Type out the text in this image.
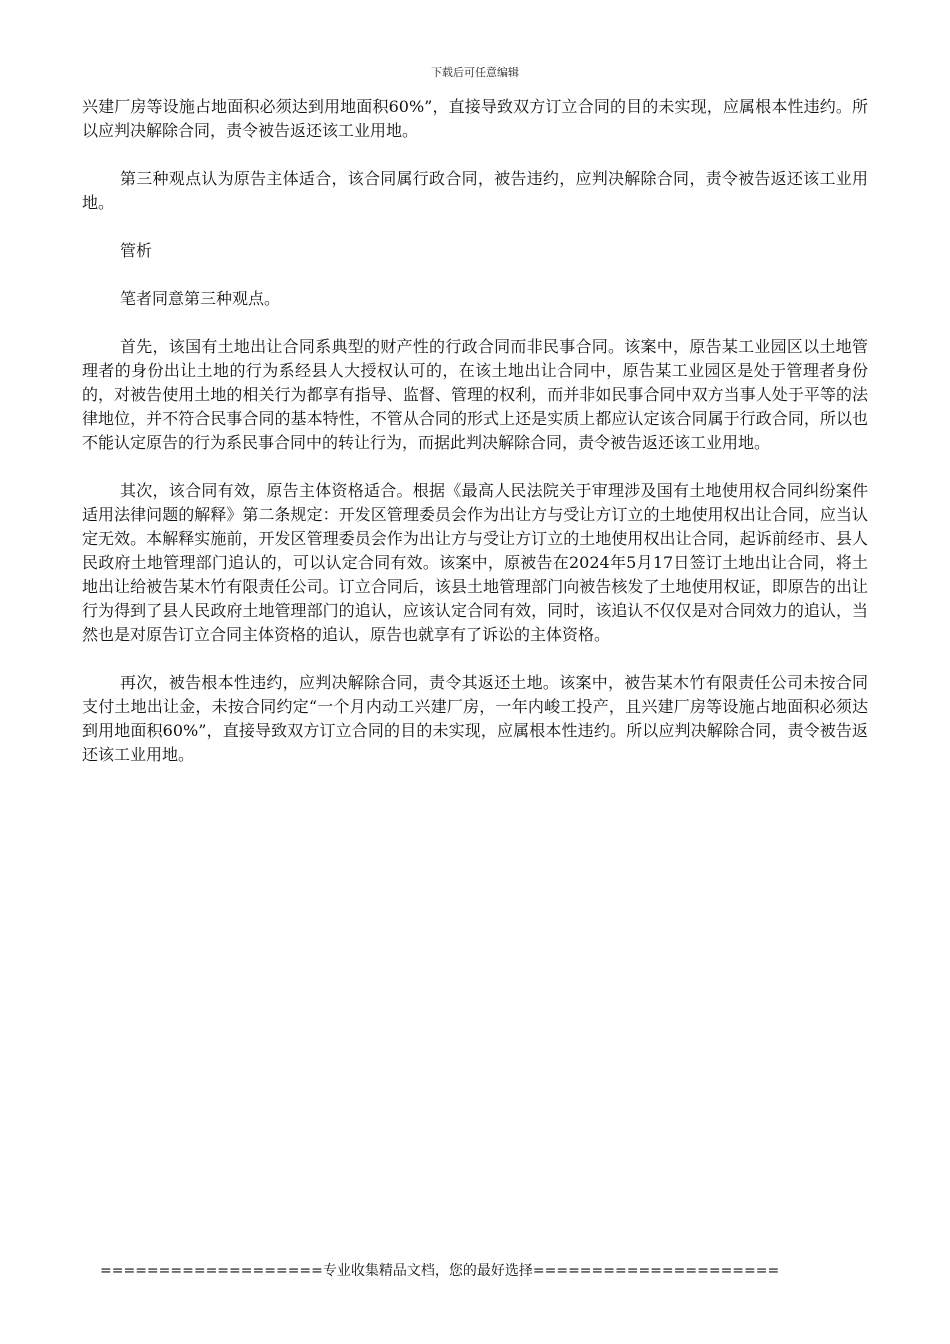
下载后可任意编辑

兴建厂房等设施占地面积必须达到用地面积60%”，直接导致双方订立合同的目的未实现，应属根本性违约。所以应判决解除合同，责令被告返还该工业用地。

第三种观点认为原告主体适合，该合同属行政合同，被告违约，应判决解除合同，责令被告返还该工业用地。

管析

笔者同意第三种观点。

首先，该国有土地出让合同系典型的财产性的行政合同而非民事合同。该案中，原告某工业园区以土地管理者的身份出让土地的行为系经县人大授权认可的，在该土地出让合同中，原告某工业园区是处于管理者身份的，对被告使用土地的相关行为都享有指导、监督、管理的权利，而并非如民事合同中双方当事人处于平等的法律地位，并不符合民事合同的基本特性，不管从合同的形式上还是实质上都应认定该合同属于行政合同，所以也不能认定原告的行为系民事合同中的转让行为，而据此判决解除合同，责令被告返还该工业用地。

其次，该合同有效，原告主体资格适合。根据《最高人民法院关于审理涉及国有土地使用权合同纠纷案件适用法律问题的解释》第二条规定：开发区管理委员会作为出让方与受让方订立的土地使用权出让合同，应当认定无效。本解释实施前，开发区管理委员会作为出让方与受让方订立的土地使用权出让合同，起诉前经市、县人民政府土地管理部门追认的，可以认定合同有效。该案中，原被告在2024年5月17日签订土地出让合同，将土地出让给被告某木竹有限责任公司。订立合同后，该县土地管理部门向被告核发了土地使用权证，即原告的出让行为得到了县人民政府土地管理部门的追认，应该认定合同有效，同时，该追认不仅仅是对合同效力的追认，当然也是对原告订立合同主体资格的追认，原告也就享有了诉讼的主体资格。

再次，被告根本性违约，应判决解除合同，责令其返还土地。该案中，被告某木竹有限责任公司未按合同支付土地出让金，未按合同约定“一个月内动工兴建厂房，一年内峻工投产，且兴建厂房等设施占地面积必须达到用地面积60%”，直接导致双方订立合同的目的未实现，应属根本性违约。所以应判决解除合同，责令被告返还该工业用地。

===================专业收集精品文档，您的最好选择=====================
